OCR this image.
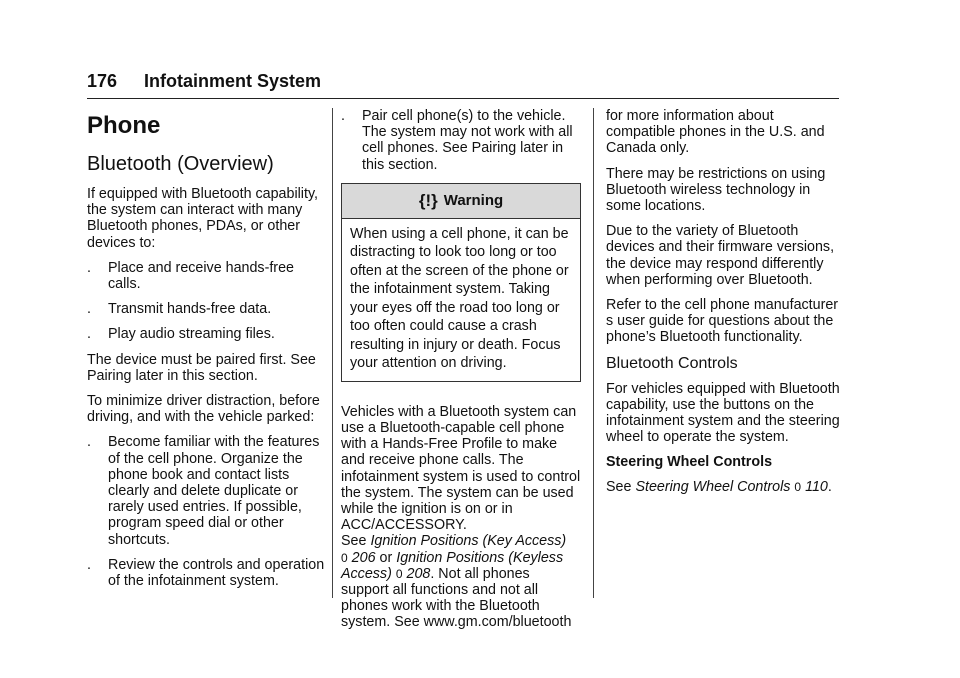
176 Infotainment System
Phone
Bluetooth (Overview)

If equipped with Bluetooth capability, the system can interact with many Bluetooth phones, PDAs, or other devices to:

.	Place and receive hands-free calls.
.	Transmit hands-free data.
.	Play audio streaming files.

The device must be paired first. See Pairing later in this section.

To minimize driver distraction, before driving, and with the vehicle parked:

.	Become familiar with the features of the cell phone. Organize the phone book and contact lists clearly and delete duplicate or rarely used entries. If possible, program speed dial or other shortcuts.
.	Review the controls and operation of the infotainment system.
.	Pair cell phone(s) to the vehicle. The system may not work with all cell phones. See Pairing later in this section.
{!} Warning
When using a cell phone, it can be distracting to look too long or too often at the screen of the phone or the infotainment system. Taking your eyes off the road too long or too often could cause a crash resulting in injury or death. Focus your attention on driving.

Vehicles with a Bluetooth system can use a Bluetooth-capable cell phone with a Hands-Free Profile to make and receive phone calls. The infotainment system is used to control the system. The system can be used while the ignition is on or in ACC/ACCESSORY.
See Ignition Positions (Key Access)
0 206 or Ignition Positions (Keyless Access) 0 208. Not all phones support all functions and not all phones work with the Bluetooth system. See www.gm.com/bluetooth

for more information about compatible phones in the U.S. and Canada only.

There may be restrictions on using Bluetooth wireless technology in some locations.

Due to the variety of Bluetooth devices and their firmware versions, the device may respond differently when performing over Bluetooth.

Refer to the cell phone manufacturer s user guide for questions about the phone’s Bluetooth functionality.

Bluetooth Controls

For vehicles equipped with Bluetooth capability, use the buttons on the infotainment system and the steering wheel to operate the system.

Steering Wheel Controls

See Steering Wheel Controls 0 110.
